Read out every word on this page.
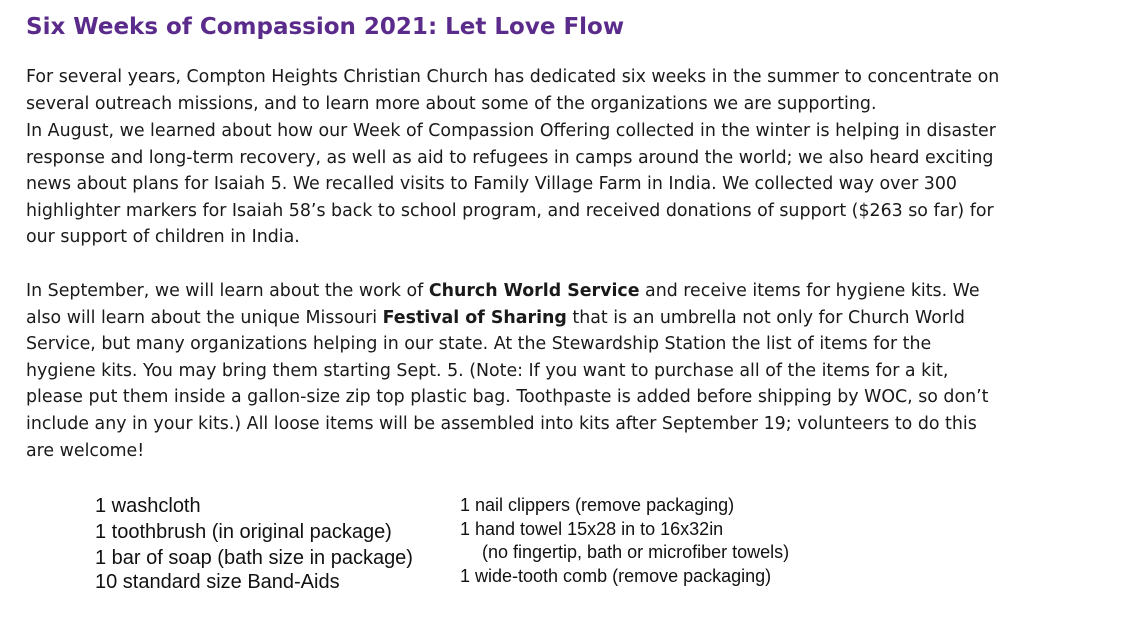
Six Weeks of Compassion 2021: Let Love Flow

For several years, Compton Heights Christian Church has dedicated six weeks in the summer to concentrate on
several outreach missions, and to learn more about some of the organizations we are supporting.

In August, we learned about how our Week of Compassion Offering collected in the winter is helping in disaster
response and long-term recovery, as well as aid to refugees in camps around the world; we also heard exciting
news about plans for Isaiah 5. We recalled visits to Family Village Farm in India. We collected way over 300
highlighter markers for Isaiah 58’s back to school program, and received donations of support ($263 so far) for
our support of children in India.

In September, we will learn about the work of Church World Service and receive items for hygiene kits. We
also will learn about the unique Missouri Festival of Sharing that is an umbrella not only for Church World
Service, but many organizations helping in our state. At the Stewardship Station the list of items for the
hygiene kits. You may bring them starting Sept. 5. (Note: If you want to purchase all of the items for a kit,
please put them inside a gallon-size zip top plastic bag. Toothpaste is added before shipping by WOC, so don’t
include any in your kits.) All loose items will be assembled into kits after September 19; volunteers to do this
are welcome!

1 washcloth
1 toothbrush (in original package)
1 bar of soap (bath size in package)
10 standard size Band-Aids
1 nail clippers (remove packaging)
1 hand towel 15x28 in to 16x32in
(no fingertip, bath or microfiber towels)
1 wide-tooth comb (remove packaging)
